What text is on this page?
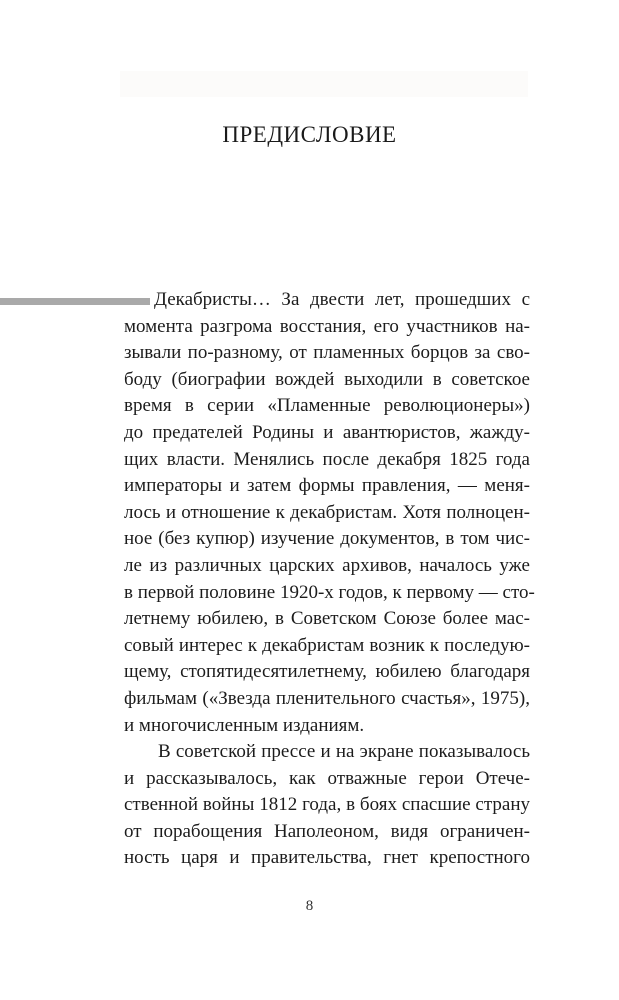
ПРЕДИСЛОВИЕ

Декабристы… За двести лет, прошедших с
момента разгрома восстания, его участников на-
зывали по-разному, от пламенных борцов за сво-
боду (биографии вождей выходили в советское
время в серии «Пламенные революционеры»)
до предателей Родины и авантюристов, жажду-
щих власти. Менялись после декабря 1825 года
императоры и затем формы правления, — меня-
лось и отношение к декабристам. Хотя полноцен-
ное (без купюр) изучение документов, в том чис-
ле из различных царских архивов, началось уже
в первой половине 1920-х годов, к первому — сто-
летнему юбилею, в Советском Союзе более мас-
совый интерес к декабристам возник к последую-
щему, стопятидесятилетнему, юбилею благодаря
фильмам («Звезда пленительного счастья», 1975),
и многочисленным изданиям.

В советской прессе и на экране показывалось
и рассказывалось, как отважные герои Отече-
ственной войны 1812 года, в боях спасшие страну
от порабощения Наполеоном, видя ограничен-
ность царя и правительства, гнет крепостного

8
